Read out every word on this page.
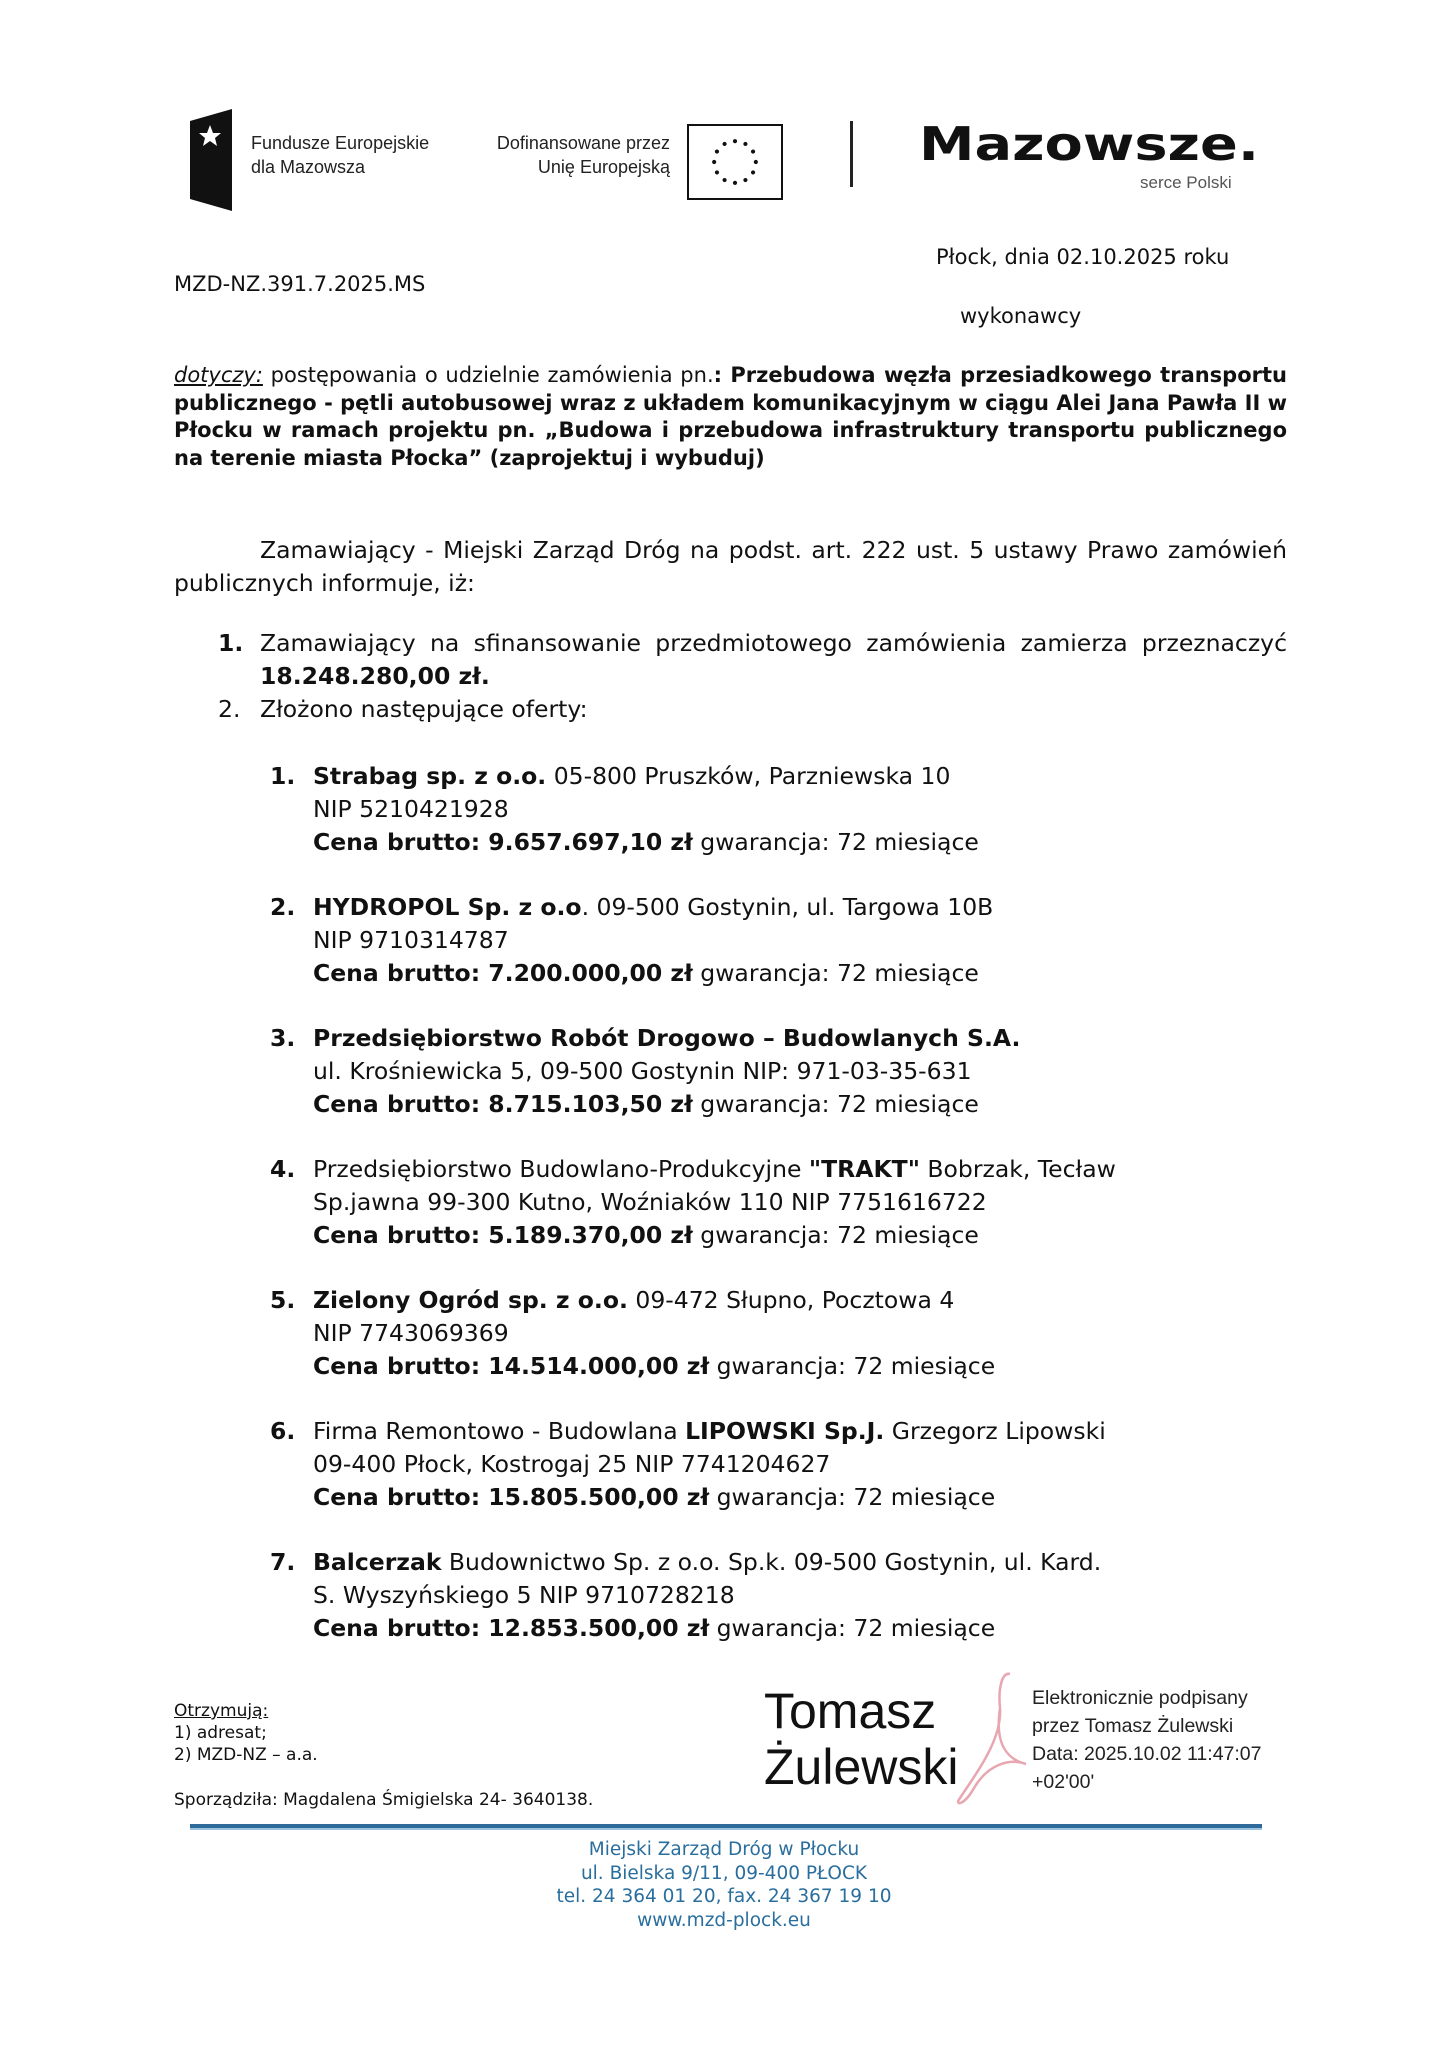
Fundusze Europejskie
dla Mazowsza
Dofinansowane przez
Unię Europejską	Mazowsze.
serce Polski
MZD-NZ.391.7.2025.MS
Płock, dnia 02.10.2025 roku
wykonawcy
dotyczy: postępowania o udzielnie zamówienia pn.: Przebudowa węzła przesiadkowego transportu publicznego - pętli autobusowej wraz z układem komunikacyjnym w ciągu Alei Jana Pawła II w Płocku w ramach projektu pn. „Budowa i przebudowa infrastruktury transportu publicznego na terenie miasta Płocka” (zaprojektuj i wybuduj)
Zamawiający - Miejski Zarząd Dróg na podst. art. 222 ust. 5 ustawy Prawo zamówień publicznych informuje, iż:
1. Zamawiający na sfinansowanie przedmiotowego zamówienia zamierza przeznaczyć 18.248.280,00 zł.
2. Złożono następujące oferty:
1. Strabag sp. z o.o. 05-800 Pruszków, Parzniewska 10
NIP 5210421928
Cena brutto: 9.657.697,10 zł gwarancja: 72 miesiące
2. HYDROPOL Sp. z o.o. 09-500 Gostynin, ul. Targowa 10B
NIP 9710314787
Cena brutto: 7.200.000,00 zł gwarancja: 72 miesiące
3. Przedsiębiorstwo Robót Drogowo – Budowlanych S.A.
ul. Krośniewicka 5, 09-500 Gostynin NIP: 971-03-35-631
Cena brutto: 8.715.103,50 zł gwarancja: 72 miesiące
4. Przedsiębiorstwo Budowlano-Produkcyjne "TRAKT" Bobrzak, Tecław
Sp.jawna 99-300 Kutno, Woźniaków 110 NIP 7751616722
Cena brutto: 5.189.370,00 zł gwarancja: 72 miesiące
5. Zielony Ogród sp. z o.o. 09-472 Słupno, Pocztowa 4
NIP 7743069369
Cena brutto: 14.514.000,00 zł gwarancja: 72 miesiące
6. Firma Remontowo - Budowlana LIPOWSKI Sp.J. Grzegorz Lipowski
09-400 Płock, Kostrogaj 25 NIP 7741204627
Cena brutto: 15.805.500,00 zł gwarancja: 72 miesiące
7. Balcerzak Budownictwo Sp. z o.o. Sp.k. 09-500 Gostynin, ul. Kard.
S. Wyszyńskiego 5 NIP 9710728218
Cena brutto: 12.853.500,00 zł gwarancja: 72 miesiące
Otrzymują:
1) adresat;
2) MZD-NZ – a.a.
Sporządziła: Magdalena Śmigielska 24- 3640138.
Tomasz
Żulewski
Elektronicznie podpisany
przez Tomasz Żulewski
Data: 2025.10.02 11:47:07
+02'00'
Miejski Zarząd Dróg w Płocku
ul. Bielska 9/11, 09-400 PŁOCK
tel. 24 364 01 20, fax. 24 367 19 10
www.mzd-plock.eu
